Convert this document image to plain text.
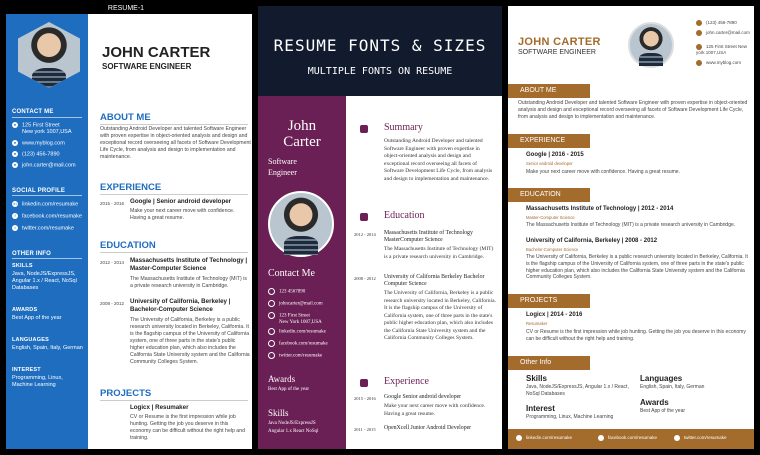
CONTACT ME
● 125 First Street
New york 1007,USA
● www.myblog.com
● (123) 456-7890
● john.carter@mail.com
SOCIAL PROFILE
in linkedin.com/resumake
f facebook.com/resumake
t twitter.com/resumake
OTHER INFO
SKILLS
Java, NodeJS/ExpressJS, Angular 1.x / React, NoSql Databases
AWARDS
Best App of the year
LANGUAGES
English, Spain, Italy, German
INTEREST
Programming, Linux, Machine Learning
RESUME-1
JOHN CARTER
SOFTWARE ENGINEER
ABOUT ME
Outstanding Android Developer and talented Software Engineer with proven expertise in object-oriented analysis and design and exceptional record overseeing all facets of Software Development Life Cycle, from analysis and design to implementation and maintenance.
EXPERIENCE
2015 - 2016 Google | Senior android developer
Make your next career move with confidence. Having a great resume.
EDUCATION
2012 - 2014 Massachusetts Institute of Technology | Master-Computer Science
The Massachusetts Institute of Technology (MIT) is a private research university in Cambridge.
2008 - 2012 University of California, Berkeley | Bachelor-Computer Science
The University of California, Berkeley is a public research university located in Berkeley, California. It is the flagship campus of the University of California system, one of three parts in the state's public higher education plan, which also includes the California State University system and the California Community Colleges System.
PROJECTS
Logicx | Resumaker
CV or Resume is the first impression while job hunting. Getting the job you deserve in this economy can be difficult without the right help and training.
RESUME FONTS & SIZES
MULTIPLE FONTS ON RESUME
John
Carter
Software
Engineer
Contact Me
123 4567890
johncarter@mail.com
123 First Street
New York 1007,USA
linkedin.com/resumake
facebook.com/resumake
twitter.com/resumake
Awards
Best App of the year
Skills
Java NodeJS/ExpressJS
Angular 1.x React NoSql
Summary
Outstanding Android Developer and talented Software Engineer with proven expertise in object-oriented analysis and design and exceptional record overseeing all facets of Software Development Life Cycle, from analysis and design to implementation and maintenance.
Education
2012 - 2014 Massachusetts Institute of Technology MasterComputer Science
The Massachusetts Institute of Technology (MIT) is a private research university in Cambridge.
2008 - 2012 University of California Berkeley Bachelor Computer Science
The University of California, Berkeley is a public research university located in Berkeley, California. It is the flagship campus of the University of California system, one of three parts in the state's public higher education plan, which also includes the California State University system and the California Community Colleges System.
Experience
2015 - 2016 Google Senior android developer
Make your next career move with confidence. Having a great resume.
2011 - 2015 OpenXcell Junior Android Developer
JOHN CARTER
SOFTWARE ENGINEER
(123) 456-7890
john.carter@mail.com
125 First Street New york 1007,USA
www.myblog.com
ABOUT ME
Outstanding Android Developer and talented Software Engineer with proven expertise in object-oriented analysis and design and exceptional record overseeing all facets of Software Development Life Cycle, from analysis and design to implementation and maintenance.
EXPERIENCE
Google | 2016 - 2015
Senior android developer
Make your next career move with confidence. Having a great resume.
EDUCATION
Massachusetts Institute of Technology | 2012 - 2014
Master-Computer Science
The Massachusetts Institute of Technology (MIT) is a private research university in Cambridge.
University of California, Berkeley | 2008 - 2012
Bachelor-Computer Science
The University of California, Berkeley is a public research university located in Berkeley, California. It is the flagship campus of the University of California system, one of three parts in the state's public higher education plan, which also includes the California State University system and the California Community Colleges System.
PROJECTS
Logicx | 2014 - 2016
Resumaker
CV or Resume is the first impression while job hunting. Getting the job you deserve in this economy can be difficult without the right help and training.
Other Info
Skills
Java, NodeJS/ExpressJS, Angular 1.x / React, NoSql Databases
Interest
Programming, Linux, Machine Learning
Languages
English, Spain, Italy, German
Awards
Best App of the year
linkedin.com/resumake	facebook.com/resumake	twitter.com/resumake
